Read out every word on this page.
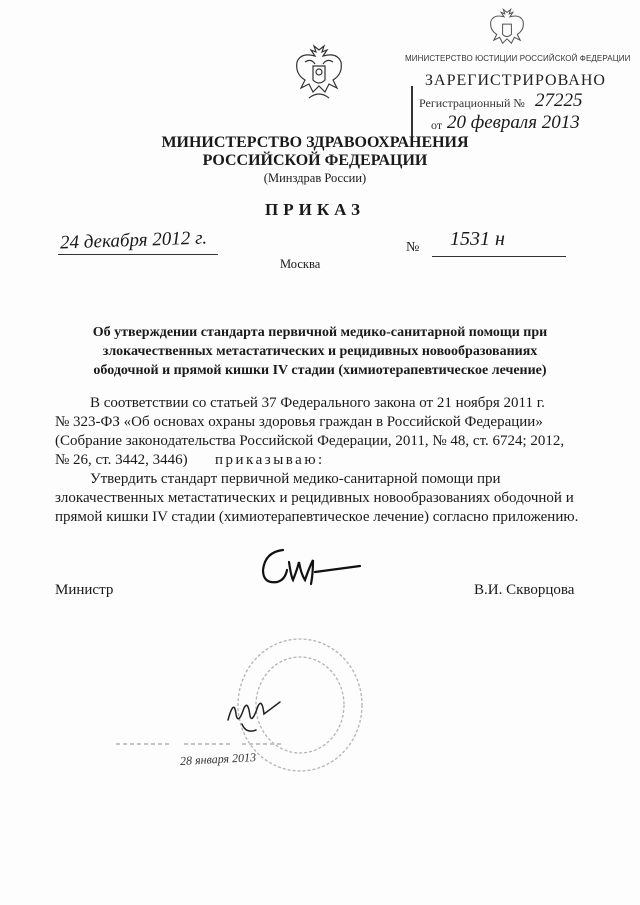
МИНИСТЕРСТВО ЮСТИЦИИ РОССИЙСКОЙ ФЕДЕРАЦИИ
ЗАРЕГИСТРИРОВАНО
Регистрационный № 27225
от 20 февраля 2013
МИНИСТЕРСТВО ЗДРАВООХРАНЕНИЯ
РОССИЙСКОЙ ФЕДЕРАЦИИ
(Минздрав России)
ПРИКАЗ
24 декабря 2012 г.	№ 1531 н
Москва
Об утверждении стандарта первичной медико-санитарной помощи при
злокачественных метастатических и рецидивных новообразованиях
ободочной и прямой кишки IV стадии (химиотерапевтическое лечение)
В соответствии со статьей 37 Федерального закона от 21 ноября 2011 г.
№ 323-ФЗ «Об основах охраны здоровья граждан в Российской Федерации»
(Собрание законодательства Российской Федерации, 2011, № 48, ст. 6724; 2012,
№ 26, ст. 3442, 3446) приказываю:
Утвердить стандарт первичной медико-санитарной помощи при
злокачественных метастатических и рецидивных новообразованиях ободочной и
прямой кишки IV стадии (химиотерапевтическое лечение) согласно приложению.
Министр	В.И. Скворцова
28 января 2013
